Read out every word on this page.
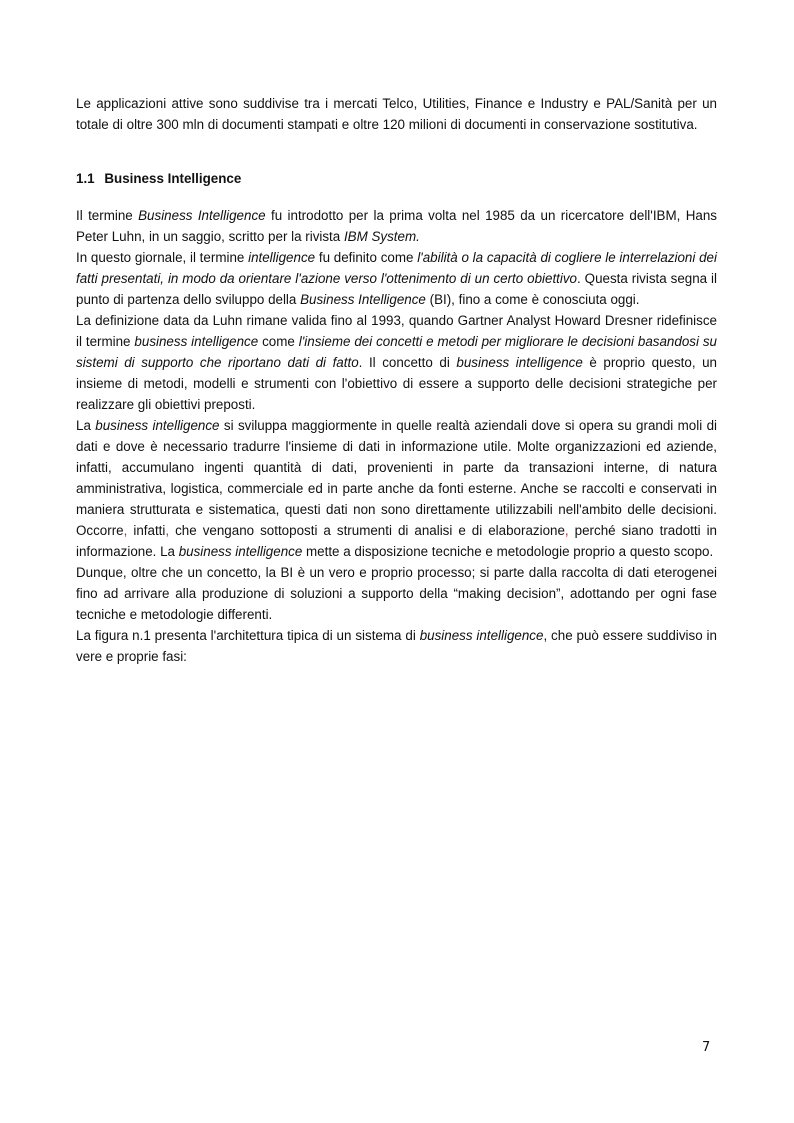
Le applicazioni attive sono suddivise tra i mercati Telco, Utilities, Finance e Industry e PAL/Sanità per un totale di oltre 300 mln di documenti stampati e oltre 120 milioni di documenti in conservazione sostitutiva.

1.1 Business Intelligence

Il termine Business Intelligence fu introdotto per la prima volta nel 1985 da un ricercatore dell'IBM, Hans Peter Luhn, in un saggio, scritto per la rivista IBM System.

In questo giornale, il termine intelligence fu definito come l'abilità o la capacità di cogliere le interrelazioni dei fatti presentati, in modo da orientare l'azione verso l'ottenimento di un certo obiettivo. Questa rivista segna il punto di partenza dello sviluppo della Business Intelligence (BI), fino a come è conosciuta oggi.

La definizione data da Luhn rimane valida fino al 1993, quando Gartner Analyst Howard Dresner ridefinisce il termine business intelligence come l'insieme dei concetti e metodi per migliorare le decisioni basandosi su sistemi di supporto che riportano dati di fatto. Il concetto di business intelligence è proprio questo, un insieme di metodi, modelli e strumenti con l'obiettivo di essere a supporto delle decisioni strategiche per realizzare gli obiettivi preposti.

La business intelligence si sviluppa maggiormente in quelle realtà aziendali dove si opera su grandi moli di dati e dove è necessario tradurre l'insieme di dati in informazione utile. Molte organizzazioni ed aziende, infatti, accumulano ingenti quantità di dati, provenienti in parte da transazioni interne, di natura amministrativa, logistica, commerciale ed in parte anche da fonti esterne. Anche se raccolti e conservati in maniera strutturata e sistematica, questi dati non sono direttamente utilizzabili nell'ambito delle decisioni. Occorre, infatti, che vengano sottoposti a strumenti di analisi e di elaborazione, perché siano tradotti in informazione. La business intelligence mette a disposizione tecniche e metodologie proprio a questo scopo.

Dunque, oltre che un concetto, la BI è un vero e proprio processo; si parte dalla raccolta di dati eterogenei fino ad arrivare alla produzione di soluzioni a supporto della “making decision”, adottando per ogni fase tecniche e metodologie differenti.

La figura n.1 presenta l'architettura tipica di un sistema di business intelligence, che può essere suddiviso in vere e proprie fasi:

7
